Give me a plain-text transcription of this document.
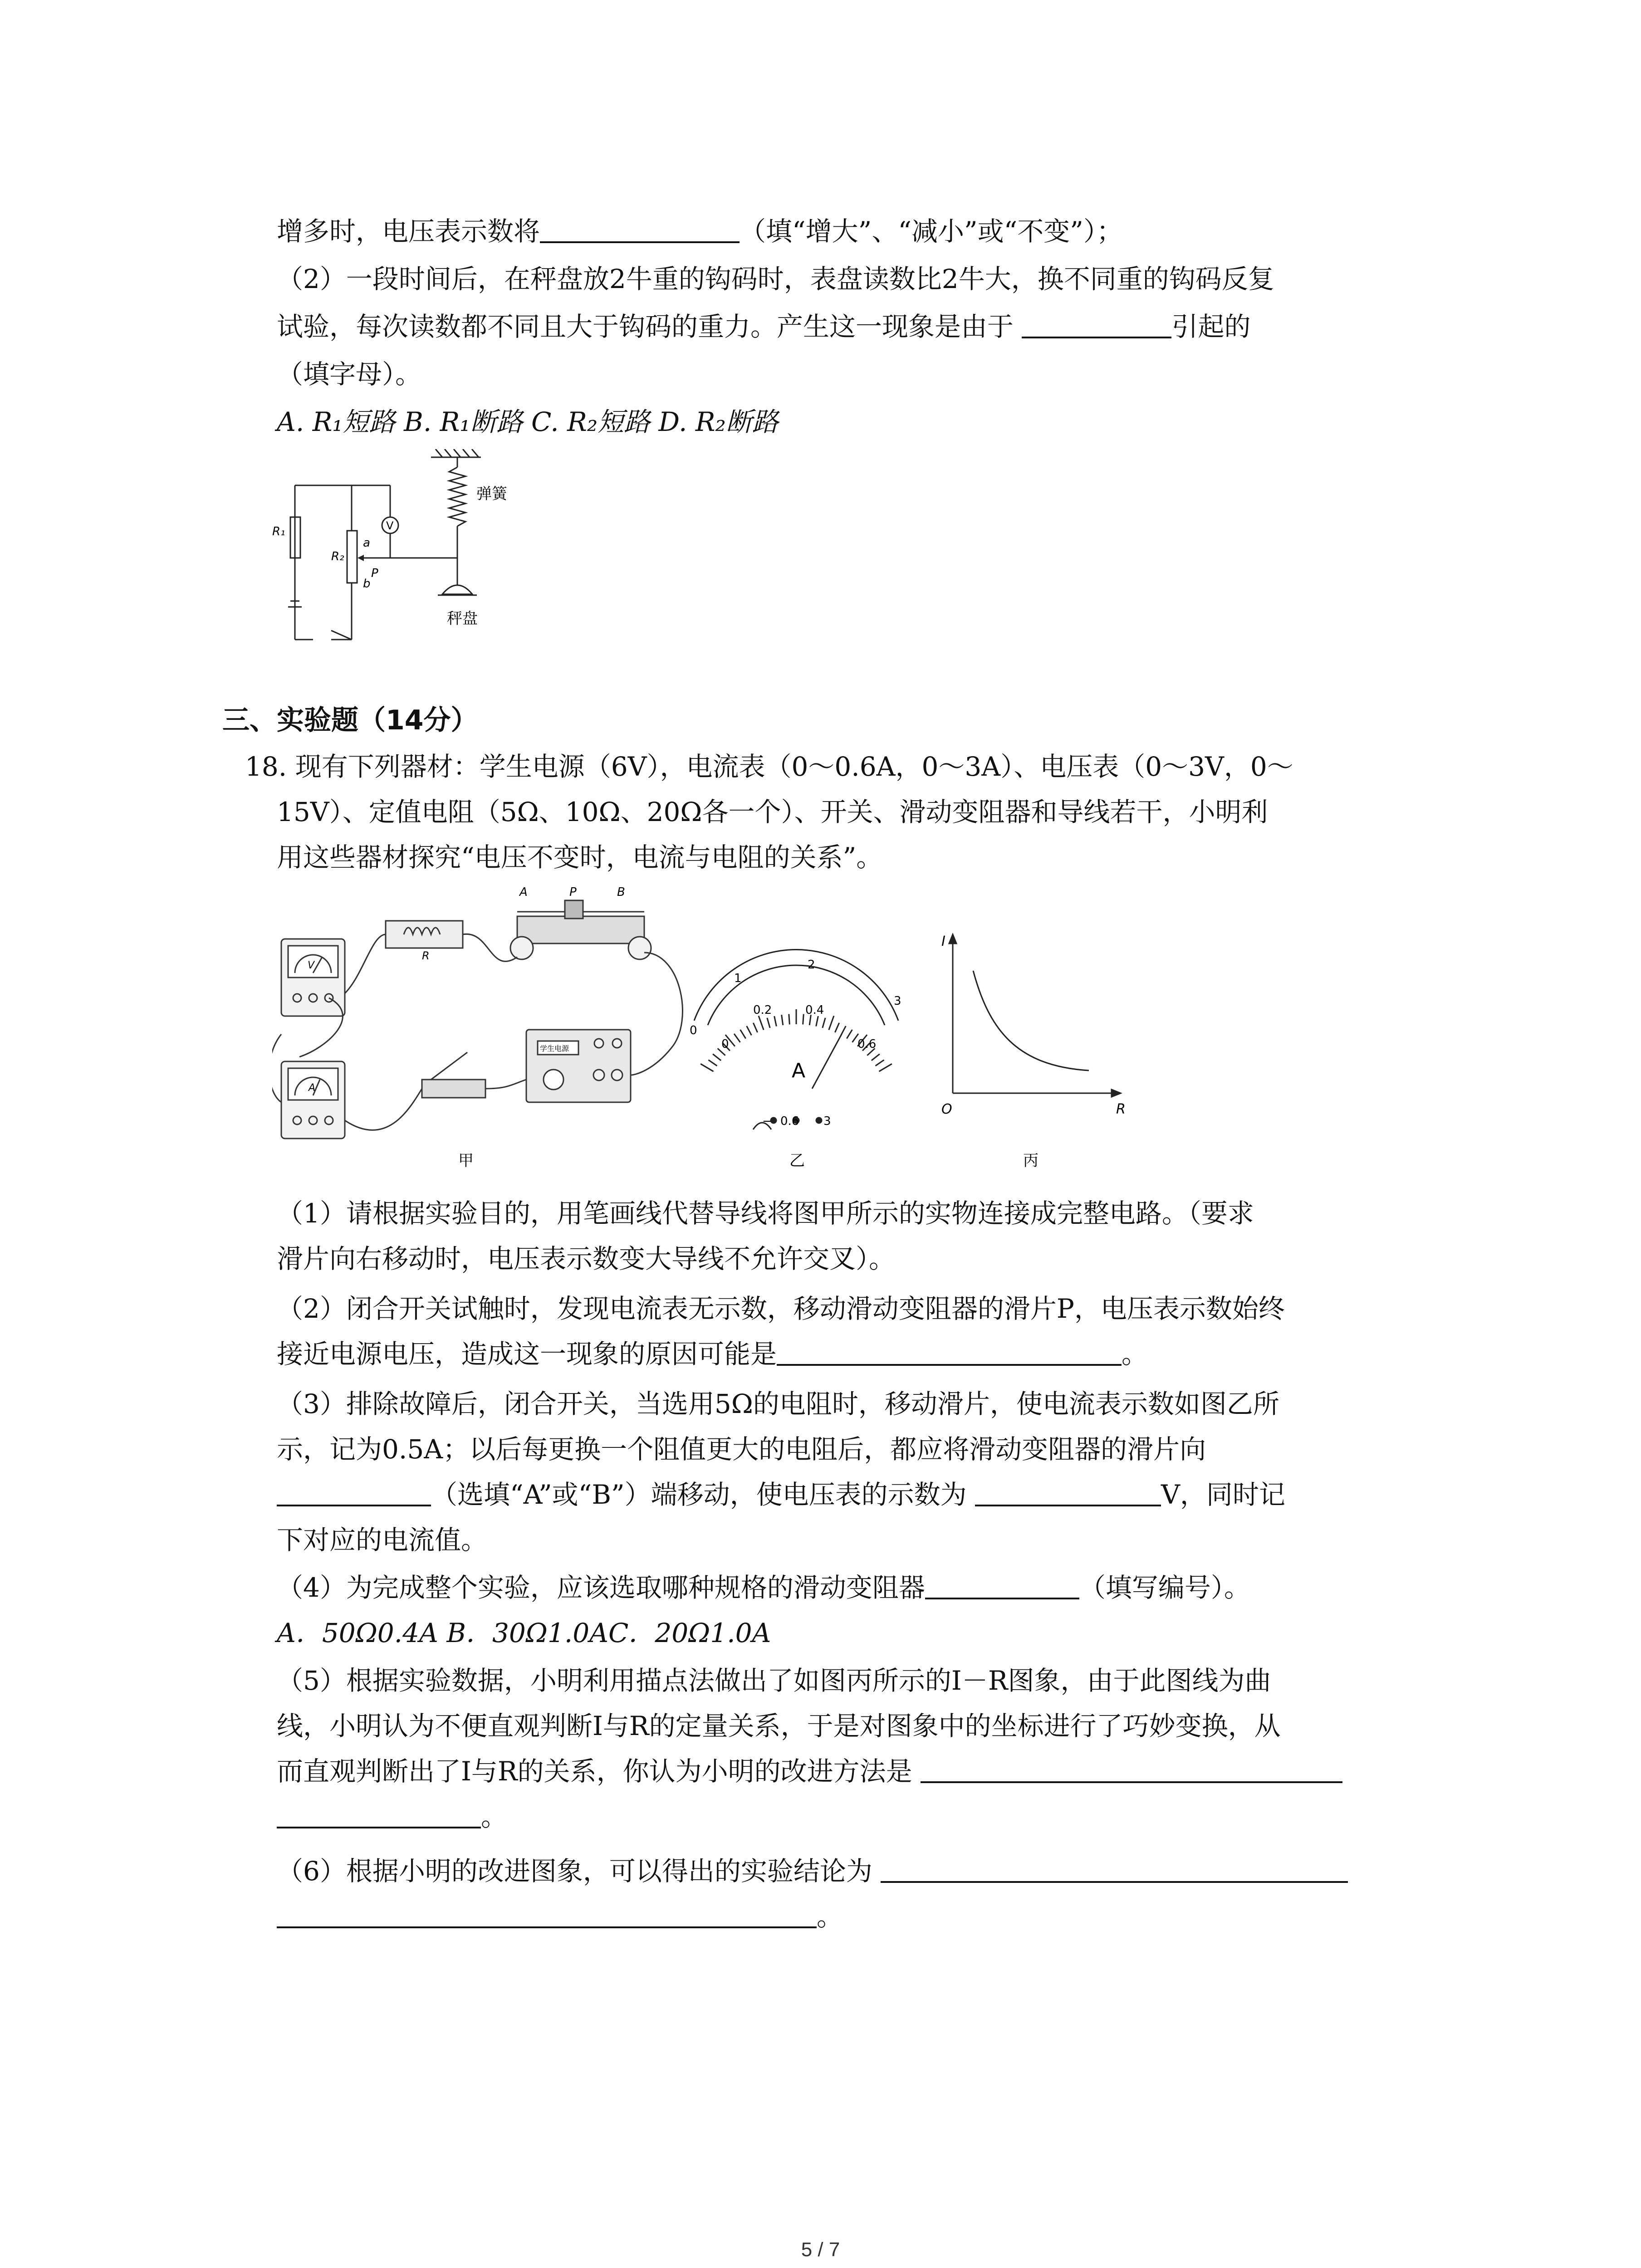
增多时，电压表示数将	（填“增大”、“减小”或“不变”）；
（2）一段时间后，在秤盘放2牛重的钩码时，表盘读数比2牛大，换不同重的钩码反复
试验，每次读数都不同且大于钩码的重力。产生这一现象是由于	引起的
（填字母）。
A. R₁短路 B. R₁断路 C. R₂短路 D. R₂断路
R₁
R₂
a
b
P
V
弹簧
秤盘
三、实验题（14分）
18. 现有下列器材：学生电源（6V），电流表（0～0.6A，0～3A）、电压表（0～3V，0～
15V）、定值电阻（5Ω、10Ω、20Ω各一个）、开关、滑动变阻器和导线若干，小明利
用这些器材探究“电压不变时，电流与电阻的关系”。
V
A
R
A	P	B
学生电源
0
1
2
3
0
0.2	0.4
0.6
A
− 0.6 3
I
R
O
甲	乙	丙
（1）请根据实验目的，用笔画线代替导线将图甲所示的实物连接成完整电路。（要求
滑片向右移动时，电压表示数变大导线不允许交叉）。
（2）闭合开关试触时，发现电流表无示数，移动滑动变阻器的滑片P，电压表示数始终
接近电源电压，造成这一现象的原因可能是	。
（3）排除故障后，闭合开关，当选用5Ω的电阻时，移动滑片，使电流表示数如图乙所
示，记为0.5A；以后每更换一个阻值更大的电阻后，都应将滑动变阻器的滑片向
（选填“A”或“B”）端移动，使电压表的示数为	V，同时记
下对应的电流值。
（4）为完成整个实验，应该选取哪种规格的滑动变阻器	（填写编号）。
A．50Ω0.4A B．30Ω1.0AC．20Ω1.0A
（5）根据实验数据，小明利用描点法做出了如图丙所示的I－R图象，由于此图线为曲
线，小明认为不便直观判断I与R的定量关系，于是对图象中的坐标进行了巧妙变换，从
而直观判断出了I与R的关系，你认为小明的改进方法是
。
（6）根据小明的改进图象，可以得出的实验结论为
。
5 / 7
